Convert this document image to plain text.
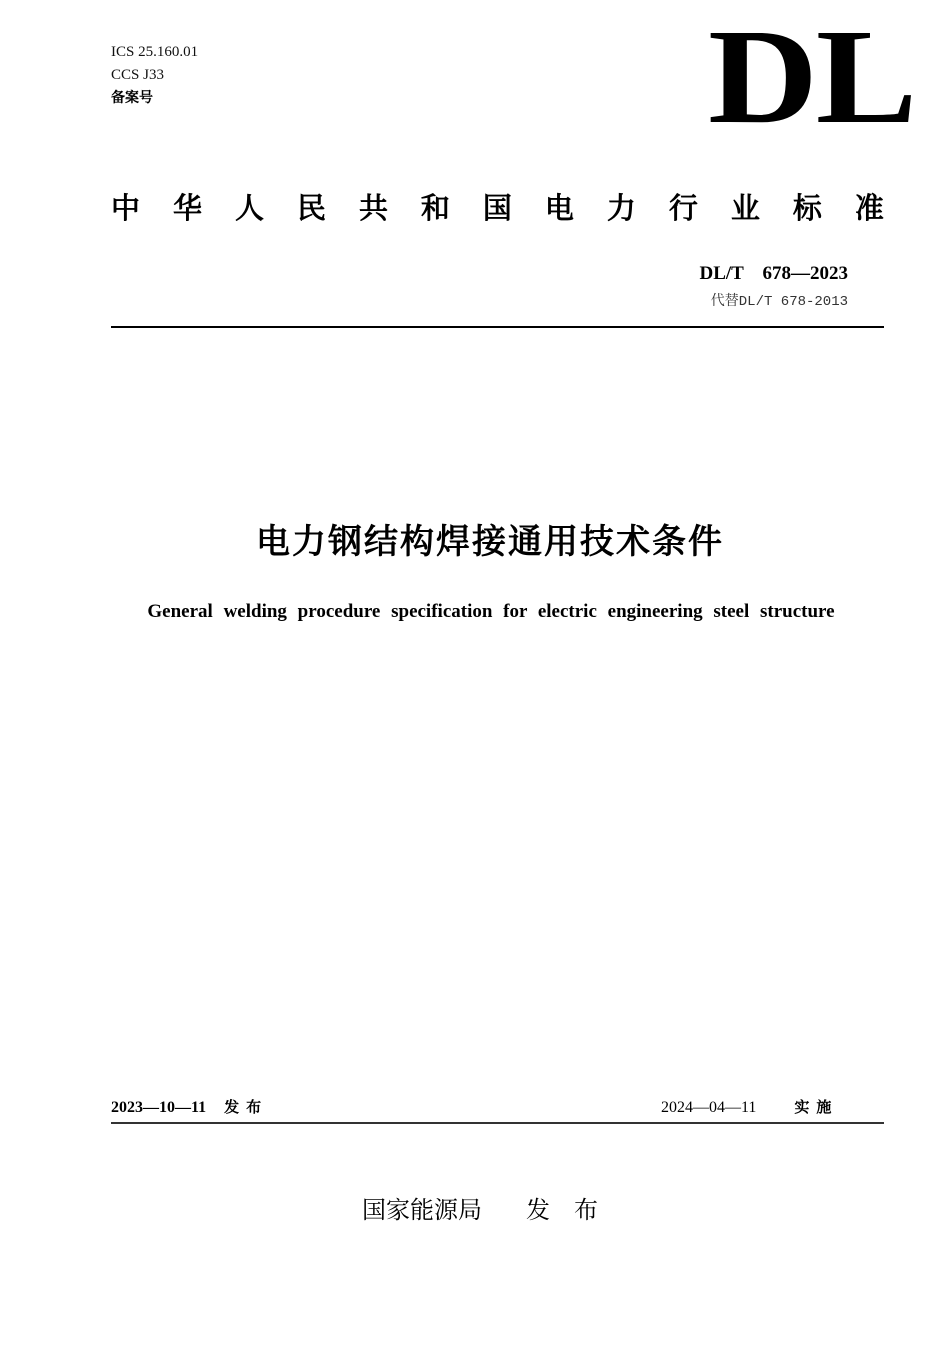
ICS 25.160.01
CCS J33
备案号	DL
中 华 人 民 共 和 国 电 力 行 业 标 准
DL/T    678—2023
代替DL/T 678-2013
电力钢结构焊接通用技术条件
General welding procedure specification for electric engineering steel structure
2023—10—11 发布	2024—04—11	实施
国家能源局 发布
